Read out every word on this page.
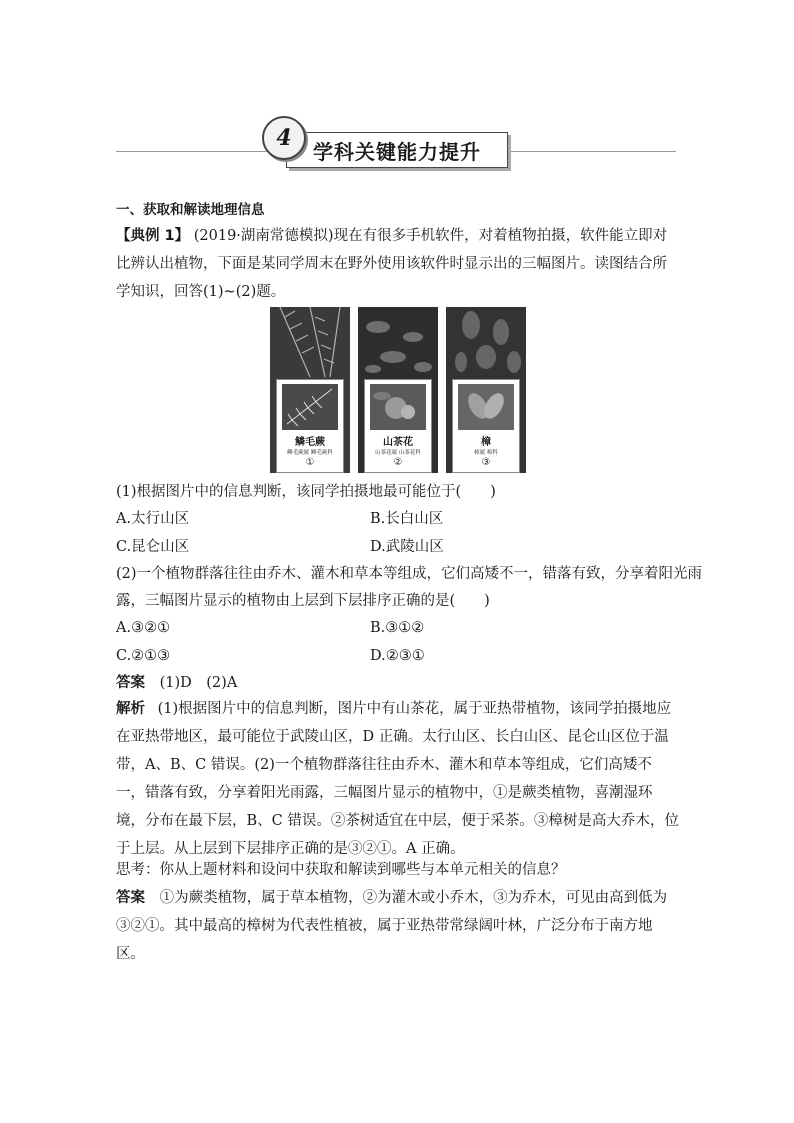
4
学科关键能力提升
一、获取和解读地理信息
【典例 1】 (2019·湖南常德模拟)现在有很多手机软件，对着植物拍摄，软件能立即对比辨认出植物，下面是某同学周末在野外使用该软件时显示出的三幅图片。读图结合所学知识，回答(1)~(2)题。
鳞毛蕨
鳞毛蕨属 鳞毛蕨科
①
山茶花
山茶花属 山茶花科
②
樟
樟属 樟科
③
(1)根据图片中的信息判断，该同学拍摄地最可能位于(　　)
A.太行山区	B.长白山区
C.昆仑山区	D.武陵山区
(2)一个植物群落往往由乔木、灌木和草本等组成，它们高矮不一，错落有致，分享着阳光雨
露，三幅图片显示的植物由上层到下层排序正确的是(　　)
A.③②①	B.③①②
C.②①③	D.②③①
答案 (1)D　(2)A
解析 (1)根据图片中的信息判断，图片中有山茶花，属于亚热带植物，该同学拍摄地应在亚热带地区，最可能位于武陵山区，D 正确。太行山区、长白山区、昆仑山区位于温带，A、B、C 错误。(2)一个植物群落往往由乔木、灌木和草本等组成，它们高矮不一，错落有致，分享着阳光雨露，三幅图片显示的植物中，①是蕨类植物，喜潮湿环境，分布在最下层，B、C 错误。②茶树适宜在中层，便于采茶。③樟树是高大乔木，位于上层。从上层到下层排序正确的是③②①。A 正确。
思考：你从上题材料和设问中获取和解读到哪些与本单元相关的信息？
答案 ①为蕨类植物，属于草本植物，②为灌木或小乔木，③为乔木，可见由高到低为③②①。其中最高的樟树为代表性植被，属于亚热带常绿阔叶林，广泛分布于南方地区。
